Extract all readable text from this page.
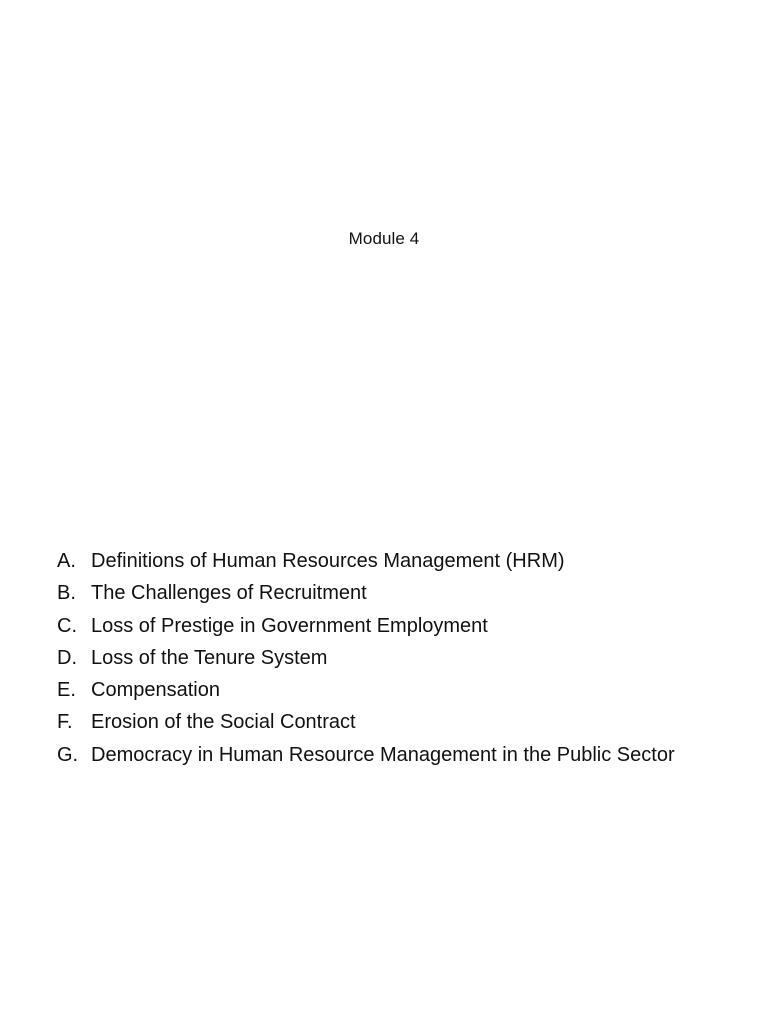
Module 4
A. Definitions of Human Resources Management (HRM)
B. The Challenges of Recruitment
C. Loss of Prestige in Government Employment
D. Loss of the Tenure System
E. Compensation
F. Erosion of the Social Contract
G. Democracy in Human Resource Management in the Public Sector
